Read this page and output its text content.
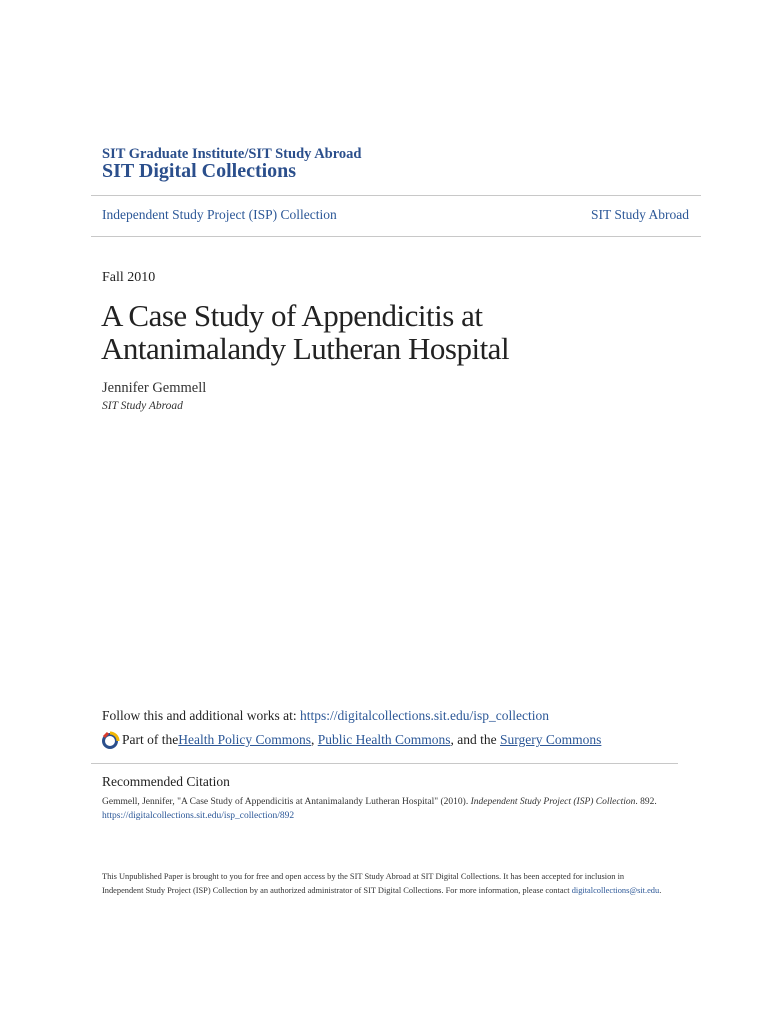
SIT Graduate Institute/SIT Study Abroad
SIT Digital Collections
Independent Study Project (ISP) Collection	SIT Study Abroad
Fall 2010
A Case Study of Appendicitis at Antanimalandy Lutheran Hospital
Jennifer Gemmell
SIT Study Abroad
Follow this and additional works at: https://digitalcollections.sit.edu/isp_collection
Part of the Health Policy Commons , Public Health Commons , and the Surgery Commons
Recommended Citation
Gemmell, Jennifer, "A Case Study of Appendicitis at Antanimalandy Lutheran Hospital" (2010). Independent Study Project (ISP) Collection. 892.
https://digitalcollections.sit.edu/isp_collection/892
This Unpublished Paper is brought to you for free and open access by the SIT Study Abroad at SIT Digital Collections. It has been accepted for inclusion in Independent Study Project (ISP) Collection by an authorized administrator of SIT Digital Collections. For more information, please contact digitalcollections@sit.edu.
